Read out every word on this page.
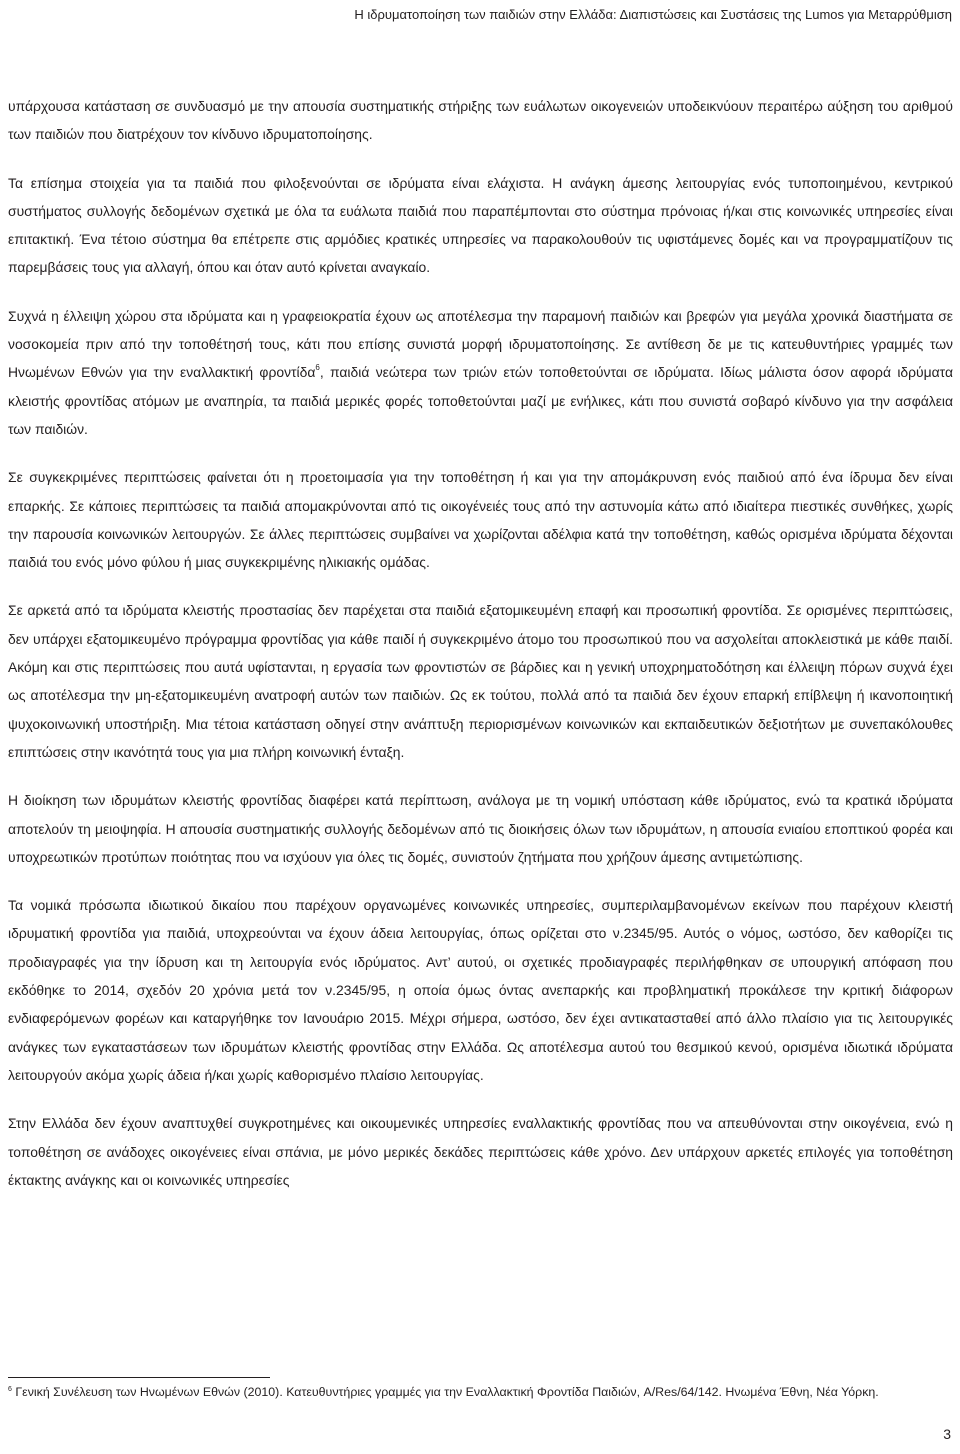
Η ιδρυματοποίηση των παιδιών στην Ελλάδα: Διαπιστώσεις και Συστάσεις της Lumos για Μεταρρύθμιση

υπάρχουσα κατάσταση σε συνδυασμό με την απουσία συστηματικής στήριξης των ευάλωτων οικογενειών υποδεικνύουν περαιτέρω αύξηση του αριθμού των παιδιών που διατρέχουν τον κίνδυνο ιδρυματοποίησης.

Τα επίσημα στοιχεία για τα παιδιά που φιλοξενούνται σε ιδρύματα είναι ελάχιστα. Η ανάγκη άμεσης λειτουργίας ενός τυποποιημένου, κεντρικού συστήματος συλλογής δεδομένων σχετικά με όλα τα ευάλωτα παιδιά που παραπέμπονται στο σύστημα πρόνοιας ή/και στις κοινωνικές υπηρεσίες είναι επιτακτική. Ένα τέτοιο σύστημα θα επέτρεπε στις αρμόδιες κρατικές υπηρεσίες να παρακολουθούν τις υφιστάμενες δομές και να προγραμματίζουν τις παρεμβάσεις τους για αλλαγή, όπου και όταν αυτό κρίνεται αναγκαίο.

Συχνά η έλλειψη χώρου στα ιδρύματα και η γραφειοκρατία έχουν ως αποτέλεσμα την παραμονή παιδιών και βρεφών για μεγάλα χρονικά διαστήματα σε νοσοκομεία πριν από την τοποθέτησή τους, κάτι που επίσης συνιστά μορφή ιδρυματοποίησης. Σε αντίθεση δε με τις κατευθυντήριες γραμμές των Ηνωμένων Εθνών για την εναλλακτική φροντίδα$^6$, παιδιά νεώτερα των τριών ετών τοποθετούνται σε ιδρύματα. Ιδίως μάλιστα όσον αφορά ιδρύματα κλειστής φροντίδας ατόμων με αναπηρία, τα παιδιά μερικές φορές τοποθετούνται μαζί με ενήλικες, κάτι που συνιστά σοβαρό κίνδυνο για την ασφάλεια των παιδιών.

Σε συγκεκριμένες περιπτώσεις φαίνεται ότι η προετοιμασία για την τοποθέτηση ή και για την απομάκρυνση ενός παιδιού από ένα ίδρυμα δεν είναι επαρκής. Σε κάποιες περιπτώσεις τα παιδιά απομακρύνονται από τις οικογένειές τους από την αστυνομία κάτω από ιδιαίτερα πιεστικές συνθήκες, χωρίς την παρουσία κοινωνικών λειτουργών. Σε άλλες περιπτώσεις συμβαίνει να χωρίζονται αδέλφια κατά την τοποθέτηση, καθώς ορισμένα ιδρύματα δέχονται παιδιά του ενός μόνο φύλου ή μιας συγκεκριμένης ηλικιακής ομάδας.

Σε αρκετά από τα ιδρύματα κλειστής προστασίας δεν παρέχεται στα παιδιά εξατομικευμένη επαφή και προσωπική φροντίδα. Σε ορισμένες περιπτώσεις, δεν υπάρχει εξατομικευμένο πρόγραμμα φροντίδας για κάθε παιδί ή συγκεκριμένο άτομο του προσωπικού που να ασχολείται αποκλειστικά με κάθε παιδί. Ακόμη και στις περιπτώσεις που αυτά υφίστανται, η εργασία των φροντιστών σε βάρδιες και η γενική υποχρηματοδότηση και έλλειψη πόρων συχνά έχει ως αποτέλεσμα την μη-εξατομικευμένη ανατροφή αυτών των παιδιών. Ως εκ τούτου, πολλά από τα παιδιά δεν έχουν επαρκή επίβλεψη ή ικανοποιητική ψυχοκοινωνική υποστήριξη. Μια τέτοια κατάσταση οδηγεί στην ανάπτυξη περιορισμένων κοινωνικών και εκπαιδευτικών δεξιοτήτων με συνεπακόλουθες επιπτώσεις στην ικανότητά τους για μια πλήρη κοινωνική ένταξη.

Η διοίκηση των ιδρυμάτων κλειστής φροντίδας διαφέρει κατά περίπτωση, ανάλογα με τη νομική υπόσταση κάθε ιδρύματος, ενώ τα κρατικά ιδρύματα αποτελούν τη μειοψηφία. Η απουσία συστηματικής συλλογής δεδομένων από τις διοικήσεις όλων των ιδρυμάτων, η απουσία ενιαίου εποπτικού φορέα και υποχρεωτικών προτύπων ποιότητας που να ισχύουν για όλες τις δομές, συνιστούν ζητήματα που χρήζουν άμεσης αντιμετώπισης.

Τα νομικά πρόσωπα ιδιωτικού δικαίου που παρέχουν οργανωμένες κοινωνικές υπηρεσίες, συμπεριλαμβανομένων εκείνων που παρέχουν κλειστή ιδρυματική φροντίδα για παιδιά, υποχρεούνται να έχουν άδεια λειτουργίας, όπως ορίζεται στο ν.2345/95. Αυτός ο νόμος, ωστόσο, δεν καθορίζει τις προδιαγραφές για την ίδρυση και τη λειτουργία ενός ιδρύματος. Αντ’ αυτού, οι σχετικές προδιαγραφές περιλήφθηκαν σε υπουργική απόφαση που εκδόθηκε το 2014, σχεδόν 20 χρόνια μετά τον ν.2345/95, η οποία όμως όντας ανεπαρκής και προβληματική προκάλεσε την κριτική διάφορων ενδιαφερόμενων φορέων και καταργήθηκε τον Ιανουάριο 2015. Μέχρι σήμερα, ωστόσο, δεν έχει αντικατασταθεί από άλλο πλαίσιο για τις λειτουργικές ανάγκες των εγκαταστάσεων των ιδρυμάτων κλειστής φροντίδας στην Ελλάδα. Ως αποτέλεσμα αυτού του θεσμικού κενού, ορισμένα ιδιωτικά ιδρύματα λειτουργούν ακόμα χωρίς άδεια ή/και χωρίς καθορισμένο πλαίσιο λειτουργίας.

Στην Ελλάδα δεν έχουν αναπτυχθεί συγκροτημένες και οικουμενικές υπηρεσίες εναλλακτικής φροντίδας που να απευθύνονται στην οικογένεια, ενώ η τοποθέτηση σε ανάδοχες οικογένειες είναι σπάνια, με μόνο μερικές δεκάδες περιπτώσεις κάθε χρόνο. Δεν υπάρχουν αρκετές επιλογές για τοποθέτηση έκτακτης ανάγκης και οι κοινωνικές υπηρεσίες

$^6$ Γενική Συνέλευση των Ηνωμένων Εθνών (2010). Κατευθυντήριες γραμμές για την Εναλλακτική Φροντίδα Παιδιών, A/Res/64/142. Ηνωμένα Έθνη, Νέα Υόρκη.
3
